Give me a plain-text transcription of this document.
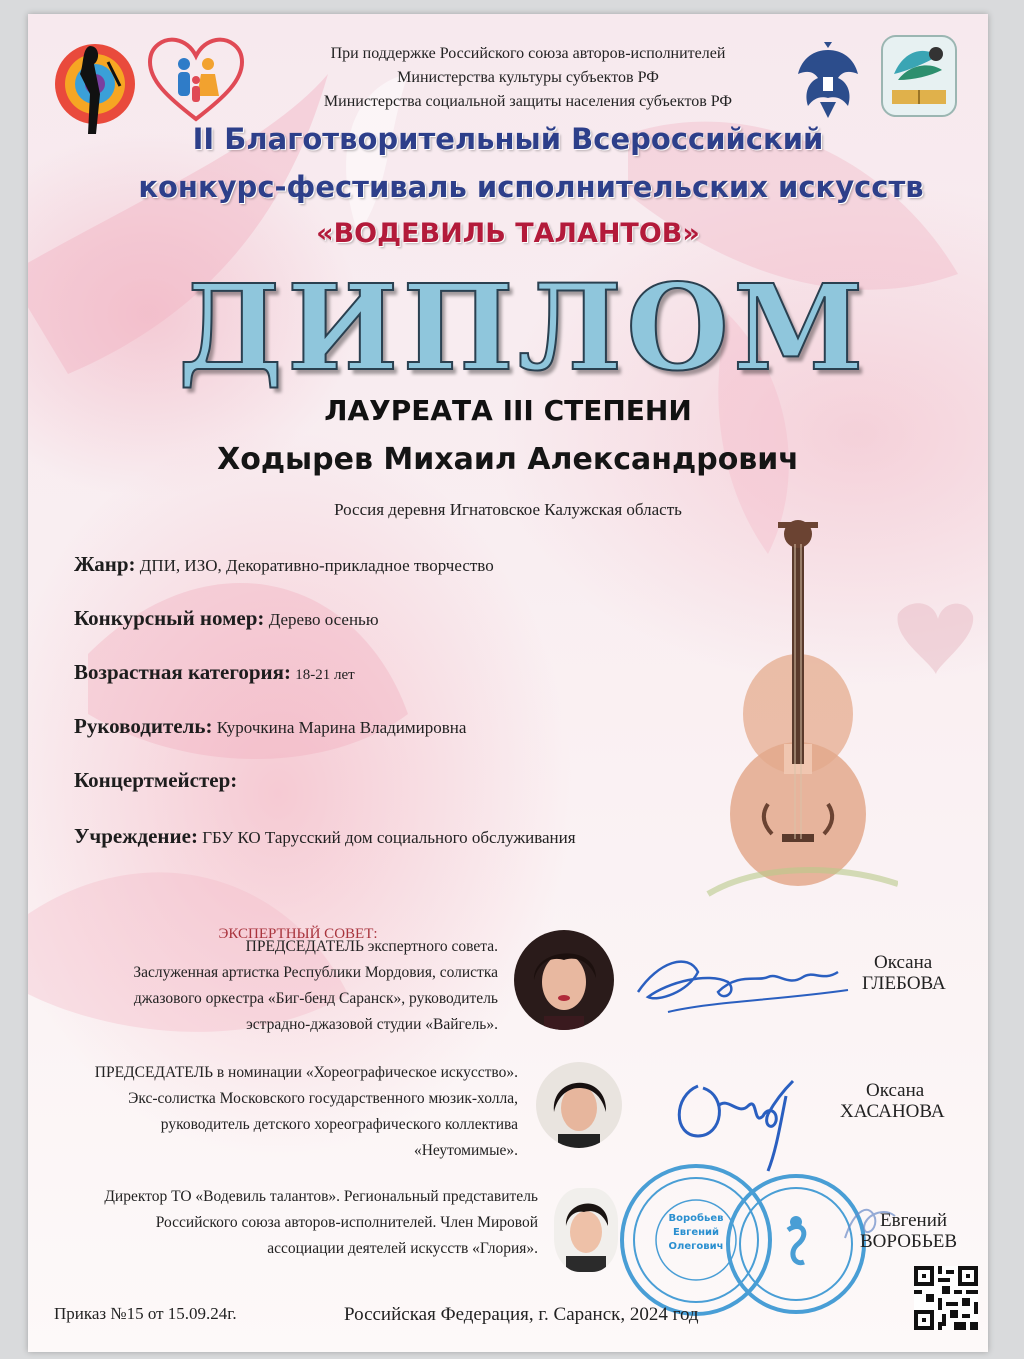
При поддержке Российского союза авторов-исполнителей
Министерства культуры субъектов РФ
Министерства социальной защиты населения субъектов РФ
II Благотворительный Всероссийский
конкурс-фестиваль исполнительских искусств
«ВОДЕВИЛЬ ТАЛАНТОВ»
ДИПЛОМ
ЛАУРЕАТА III СТЕПЕНИ
Ходырев Михаил Александрович
Россия деревня Игнатовское Калужская область
Жанр: ДПИ, ИЗО, Декоративно-прикладное творчество
Конкурсный номер: Дерево осенью
Возрастная категория: 18-21 лет
Руководитель: Курочкина Марина Владимировна
Концертмейстер:
Учреждение: ГБУ КО Тарусский дом социального обслуживания
ЭКСПЕРТНЫЙ СОВЕТ:
ПРЕДСЕДАТЕЛЬ экспертного совета.
Заслуженная артистка Республики Мордовия, солистка
джазового оркестра «Биг-бенд Саранск», руководитель
эстрадно-джазовой студии «Вайгель».
Оксана
ГЛЕБОВА
ПРЕДСЕДАТЕЛЬ в номинации «Хореографическое искусство».
Экс-солистка Московского государственного мюзик-холла,
руководитель детского хореографического коллектива
«Неутомимые».
Оксана
ХАСАНОВА
Директор ТО «Водевиль талантов». Региональный представитель
Российского союза авторов-исполнителей. Член Мировой
ассоциации деятелей искусств «Глория».
Воробьев
Евгений
Олегович
Евгений
ВОРОБЬЕВ
Приказ №15 от 15.09.24г.	Российская Федерация, г. Саранск, 2024 год
